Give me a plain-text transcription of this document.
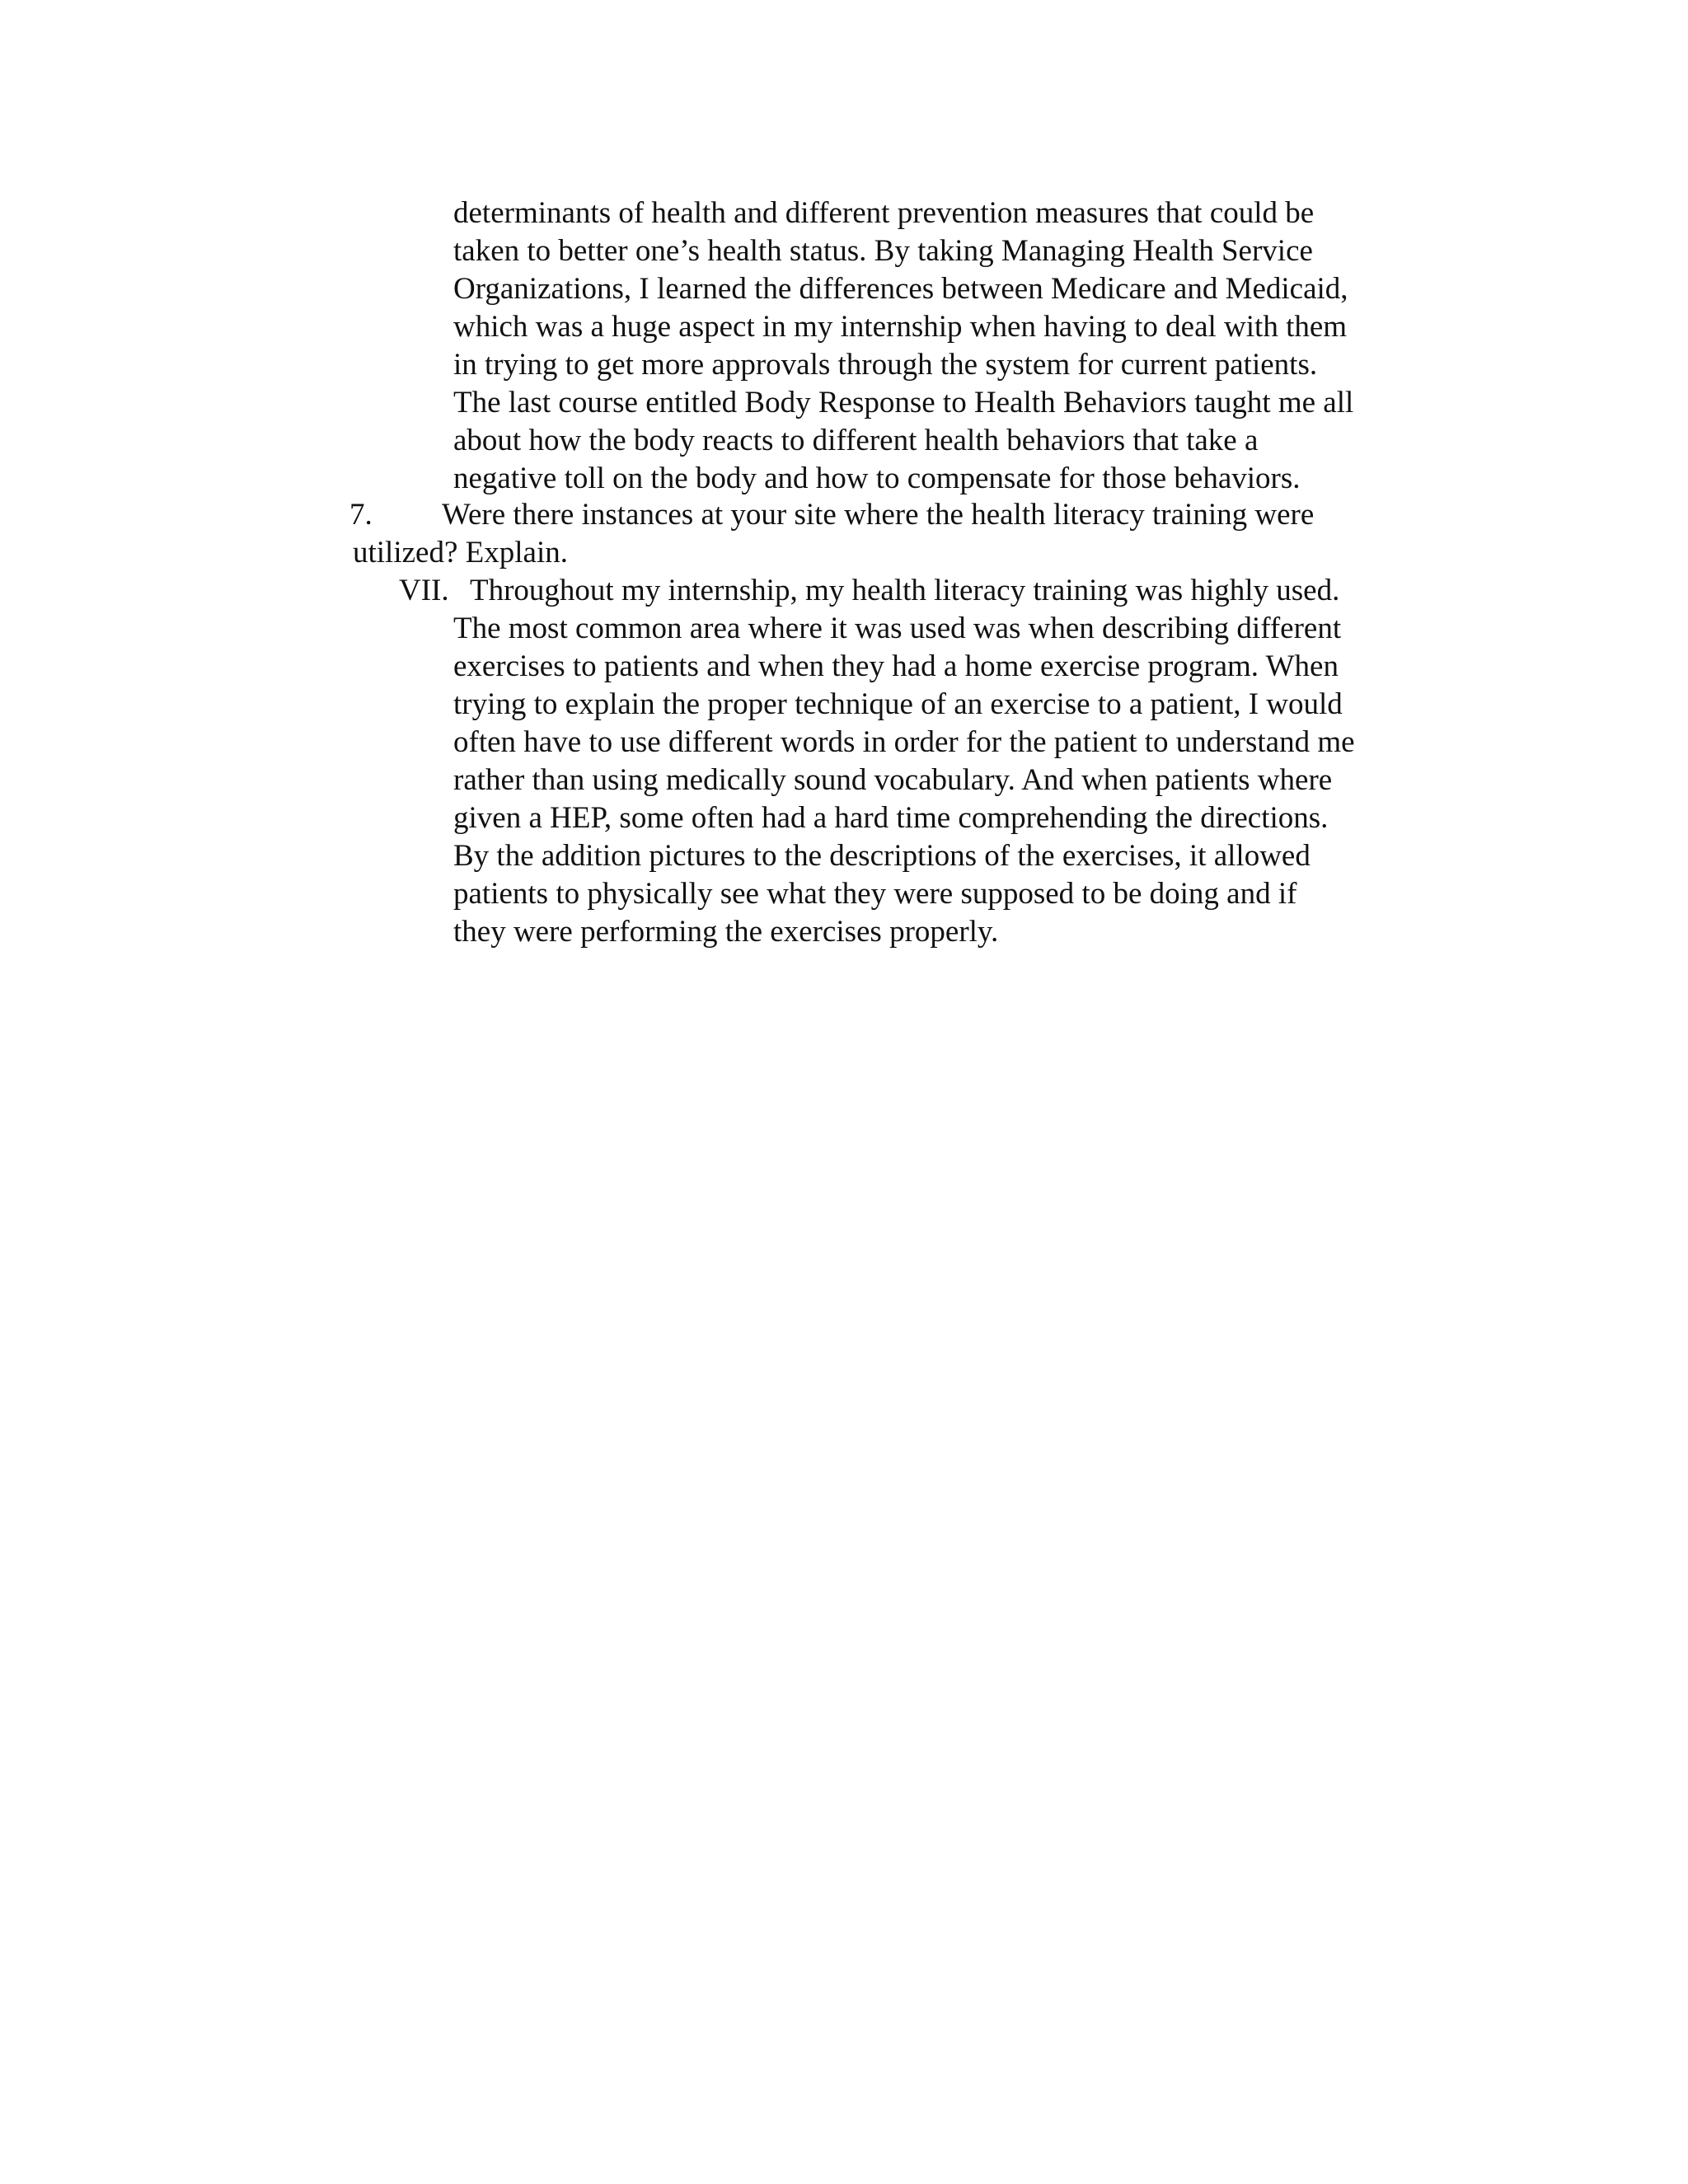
determinants of health and different prevention measures that could be
taken to better one’s health status. By taking Managing Health Service
Organizations, I learned the differences between Medicare and Medicaid,
which was a huge aspect in my internship when having to deal with them
in trying to get more approvals through the system for current patients.
The last course entitled Body Response to Health Behaviors taught me all
about how the body reacts to different health behaviors that take a
negative toll on the body and how to compensate for those behaviors.
7. Were there instances at your site where the health literacy training were
utilized? Explain.
VII. Throughout my internship, my health literacy training was highly used.
The most common area where it was used was when describing different
exercises to patients and when they had a home exercise program. When
trying to explain the proper technique of an exercise to a patient, I would
often have to use different words in order for the patient to understand me
rather than using medically sound vocabulary. And when patients where
given a HEP, some often had a hard time comprehending the directions.
By the addition pictures to the descriptions of the exercises, it allowed
patients to physically see what they were supposed to be doing and if
they were performing the exercises properly.
